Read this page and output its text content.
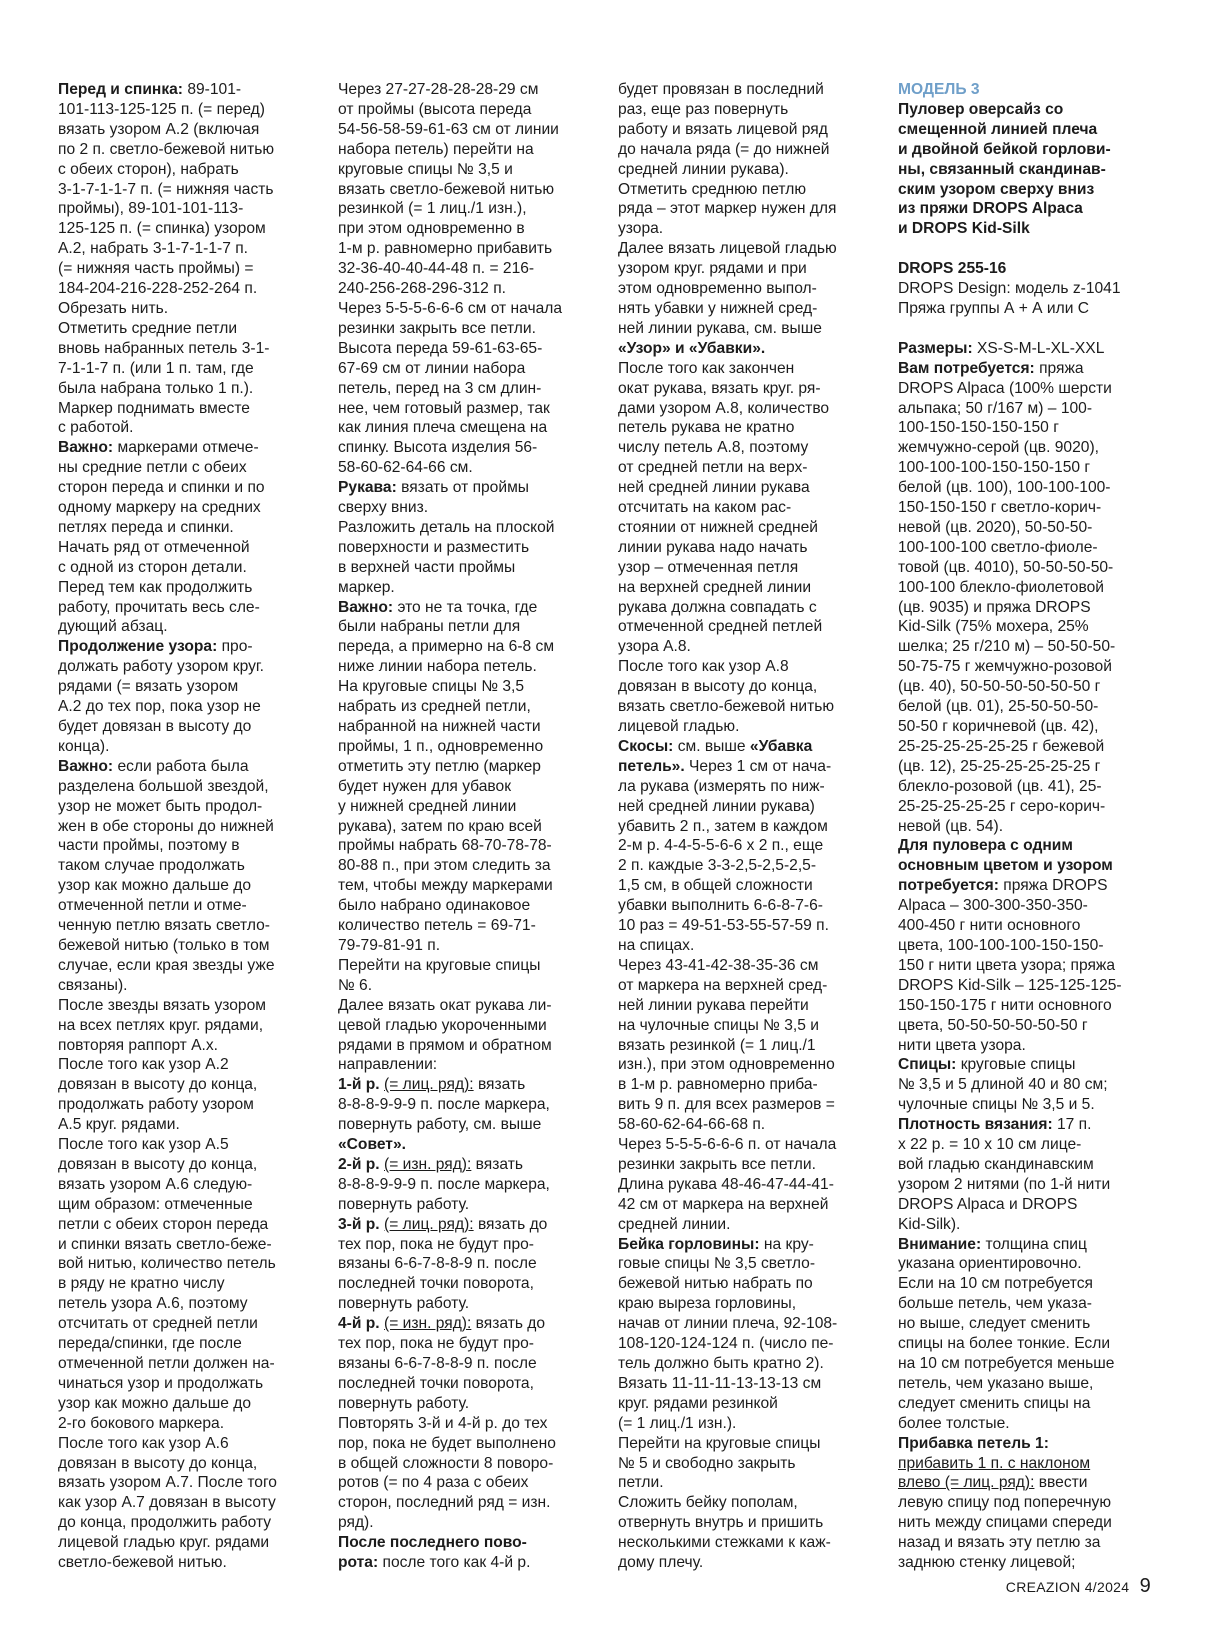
Перед и спинка: 89-101-
101-113-125-125 п. (= перед)
вязать узором А.2 (включая
по 2 п. светло-бежевой нитью
с обеих сторон), набрать
3-1-7-1-1-7 п. (= нижняя часть
проймы), 89-101-101-113-
125-125 п. (= спинка) узором
А.2, набрать 3-1-7-1-1-7 п.
(= нижняя часть проймы) =
184-204-216-228-252-264 п.
Обрезать нить.
Отметить средние петли
вновь набранных петель 3-1-
7-1-1-7 п. (или 1 п. там, где
была набрана только 1 п.).
Маркер поднимать вместе
с работой.
Важно: маркерами отмече-
ны средние петли с обеих
сторон переда и спинки и по
одному маркеру на средних
петлях переда и спинки.
Начать ряд от отмеченной
с одной из сторон детали.
Перед тем как продолжить
работу, прочитать весь сле-
дующий абзац.
Продолжение узора: про-
должать работу узором круг.
рядами (= вязать узором
А.2 до тех пор, пока узор не
будет довязан в высоту до
конца).
Важно: если работа была
разделена большой звездой,
узор не может быть продол-
жен в обе стороны до нижней
части проймы, поэтому в
таком случае продолжать
узор как можно дальше до
отмеченной петли и отме-
ченную петлю вязать светло-
бежевой нитью (только в том
случае, если края звезды уже
связаны).
После звезды вязать узором
на всех петлях круг. рядами,
повторяя раппорт А.х.
После того как узор А.2
довязан в высоту до конца,
продолжать работу узором
А.5 круг. рядами.
После того как узор А.5
довязан в высоту до конца,
вязать узором А.6 следую-
щим образом: отмеченные
петли с обеих сторон переда
и спинки вязать светло-беже-
вой нитью, количество петель
в ряду не кратно числу
петель узора А.6, поэтому
отсчитать от средней петли
переда/спинки, где после
отмеченной петли должен на-
чинаться узор и продолжать
узор как можно дальше до
2-го бокового маркера.
После того как узор А.6
довязан в высоту до конца,
вязать узором А.7. После того
как узор А.7 довязан в высоту
до конца, продолжить работу
лицевой гладью круг. рядами
светло-бежевой нитью.
Через 27-27-28-28-28-29 см
от проймы (высота переда
54-56-58-59-61-63 см от линии
набора петель) перейти на
круговые спицы № 3,5 и
вязать светло-бежевой нитью
резинкой (= 1 лиц./1 изн.),
при этом одновременно в
1-м р. равномерно прибавить
32-36-40-40-44-48 п. = 216-
240-256-268-296-312 п.
Через 5-5-5-6-6-6 см от начала
резинки закрыть все петли.
Высота переда 59-61-63-65-
67-69 см от линии набора
петель, перед на 3 см длин-
нее, чем готовый размер, так
как линия плеча смещена на
спинку. Высота изделия 56-
58-60-62-64-66 см.
Рукава: вязать от проймы
сверху вниз.
Разложить деталь на плоской
поверхности и разместить
в верхней части проймы
маркер.
Важно: это не та точка, где
были набраны петли для
переда, а примерно на 6-8 см
ниже линии набора петель.
На круговые спицы № 3,5
набрать из средней петли,
набранной на нижней части
проймы, 1 п., одновременно
отметить эту петлю (маркер
будет нужен для убавок
у нижней средней линии
рукава), затем по краю всей
проймы набрать 68-70-78-78-
80-88 п., при этом следить за
тем, чтобы между маркерами
было набрано одинаковое
количество петель = 69-71-
79-79-81-91 п.
Перейти на круговые спицы
№ 6.
Далее вязать окат рукава ли-
цевой гладью укороченными
рядами в прямом и обратном
направлении:
1-й р. (= лиц. ряд): вязать
8-8-8-9-9-9 п. после маркера,
повернуть работу, см. выше
«Совет».
2-й р. (= изн. ряд): вязать
8-8-8-9-9-9 п. после маркера,
повернуть работу.
3-й р. (= лиц. ряд): вязать до
тех пор, пока не будут про-
вязаны 6-6-7-8-8-9 п. после
последней точки поворота,
повернуть работу.
4-й р. (= изн. ряд): вязать до
тех пор, пока не будут про-
вязаны 6-6-7-8-8-9 п. после
последней точки поворота,
повернуть работу.
Повторять 3-й и 4-й р. до тех
пор, пока не будет выполнено
в общей сложности 8 поворо-
ротов (= по 4 раза с обеих
сторон, последний ряд = изн.
ряд).
После последнего пово-
рота: после того как 4-й р.
будет провязан в последний
раз, еще раз повернуть
работу и вязать лицевой ряд
до начала ряда (= до нижней
средней линии рукава).
Отметить среднюю петлю
ряда – этот маркер нужен для
узора.
Далее вязать лицевой гладью
узором круг. рядами и при
этом одновременно выпол-
нять убавки у нижней сред-
ней линии рукава, см. выше
«Узор» и «Убавки».
После того как закончен
окат рукава, вязать круг. ря-
дами узором А.8, количество
петель рукава не кратно
числу петель А.8, поэтому
от средней петли на верх-
ней средней линии рукава
отсчитать на каком рас-
стоянии от нижней средней
линии рукава надо начать
узор – отмеченная петля
на верхней средней линии
рукава должна совпадать с
отмеченной средней петлей
узора А.8.
После того как узор А.8
довязан в высоту до конца,
вязать светло-бежевой нитью
лицевой гладью.
Скосы: см. выше «Убавка
петель». Через 1 см от нача-
ла рукава (измерять по ниж-
ней средней линии рукава)
убавить 2 п., затем в каждом
2-м р. 4-4-5-5-6-6 х 2 п., еще
2 п. каждые 3-3-2,5-2,5-2,5-
1,5 см, в общей сложности
убавки выполнить 6-6-8-7-6-
10 раз = 49-51-53-55-57-59 п.
на спицах.
Через 43-41-42-38-35-36 см
от маркера на верхней сред-
ней линии рукава перейти
на чулочные спицы № 3,5 и
вязать резинкой (= 1 лиц./1
изн.), при этом одновременно
в 1-м р. равномерно приба-
вить 9 п. для всех размеров =
58-60-62-64-66-68 п.
Через 5-5-5-6-6-6 п. от начала
резинки закрыть все петли.
Длина рукава 48-46-47-44-41-
42 см от маркера на верхней
средней линии.
Бейка горловины: на кру-
говые спицы № 3,5 светло-
бежевой нитью набрать по
краю выреза горловины,
начав от линии плеча, 92-108-
108-120-124-124 п. (число пе-
тель должно быть кратно 2).
Вязать 11-11-11-13-13-13 см
круг. рядами резинкой
(= 1 лиц./1 изн.).
Перейти на круговые спицы
№ 5 и свободно закрыть
петли.
Сложить бейку пополам,
отвернуть внутрь и пришить
несколькими стежками к каж-
дому плечу.
МОДЕЛЬ 3
Пуловер оверсайз со
смещенной линией плеча
и двойной бейкой горлови-
ны, связанный скандинав-
ским узором сверху вниз
из пряжи DROPS Alpaca
и DROPS Kid-Silk

DROPS 255-16
DROPS Design: модель z-1041
Пряжа группы А + А или С

Размеры: XS-S-M-L-XL-XXL
Вам потребуется: пряжа
DROPS Alpaca (100% шерсти
альпака; 50 г/167 м) – 100-
100-150-150-150-150 г
жемчужно-серой (цв. 9020),
100-100-100-150-150-150 г
белой (цв. 100), 100-100-100-
150-150-150 г светло-корич-
невой (цв. 2020), 50-50-50-
100-100-100 светло-фиоле-
товой (цв. 4010), 50-50-50-50-
100-100 блекло-фиолетовой
(цв. 9035) и пряжа DROPS
Kid-Silk (75% мохера, 25%
шелка; 25 г/210 м) – 50-50-50-
50-75-75 г жемчужно-розовой
(цв. 40), 50-50-50-50-50-50 г
белой (цв. 01), 25-50-50-50-
50-50 г коричневой (цв. 42),
25-25-25-25-25-25 г бежевой
(цв. 12), 25-25-25-25-25-25 г
блекло-розовой (цв. 41), 25-
25-25-25-25-25 г серо-корич-
невой (цв. 54).
Для пуловера с одним
основным цветом и узором
потребуется: пряжа DROPS
Alpaca – 300-300-350-350-
400-450 г нити основного
цвета, 100-100-100-150-150-
150 г нити цвета узора; пряжа
DROPS Kid-Silk – 125-125-125-
150-150-175 г нити основного
цвета, 50-50-50-50-50-50 г
нити цвета узора.
Спицы: круговые спицы
№ 3,5 и 5 длиной 40 и 80 см;
чулочные спицы № 3,5 и 5.
Плотность вязания: 17 п.
х 22 р. = 10 х 10 см лице-
вой гладью скандинавским
узором 2 нитями (по 1-й нити
DROPS Alpaca и DROPS
Kid-Silk).
Внимание: толщина спиц
указана ориентировочно.
Если на 10 см потребуется
больше петель, чем указа-
но выше, следует сменить
спицы на более тонкие. Если
на 10 см потребуется меньше
петель, чем указано выше,
следует сменить спицы на
более толстые.
Прибавка петель 1:
прибавить 1 п. с наклоном
влево (= лиц. ряд): ввести
левую спицу под поперечную
нить между спицами спереди
назад и вязать эту петлю за
заднюю стенку лицевой;
CREAZION 4/2024 9
